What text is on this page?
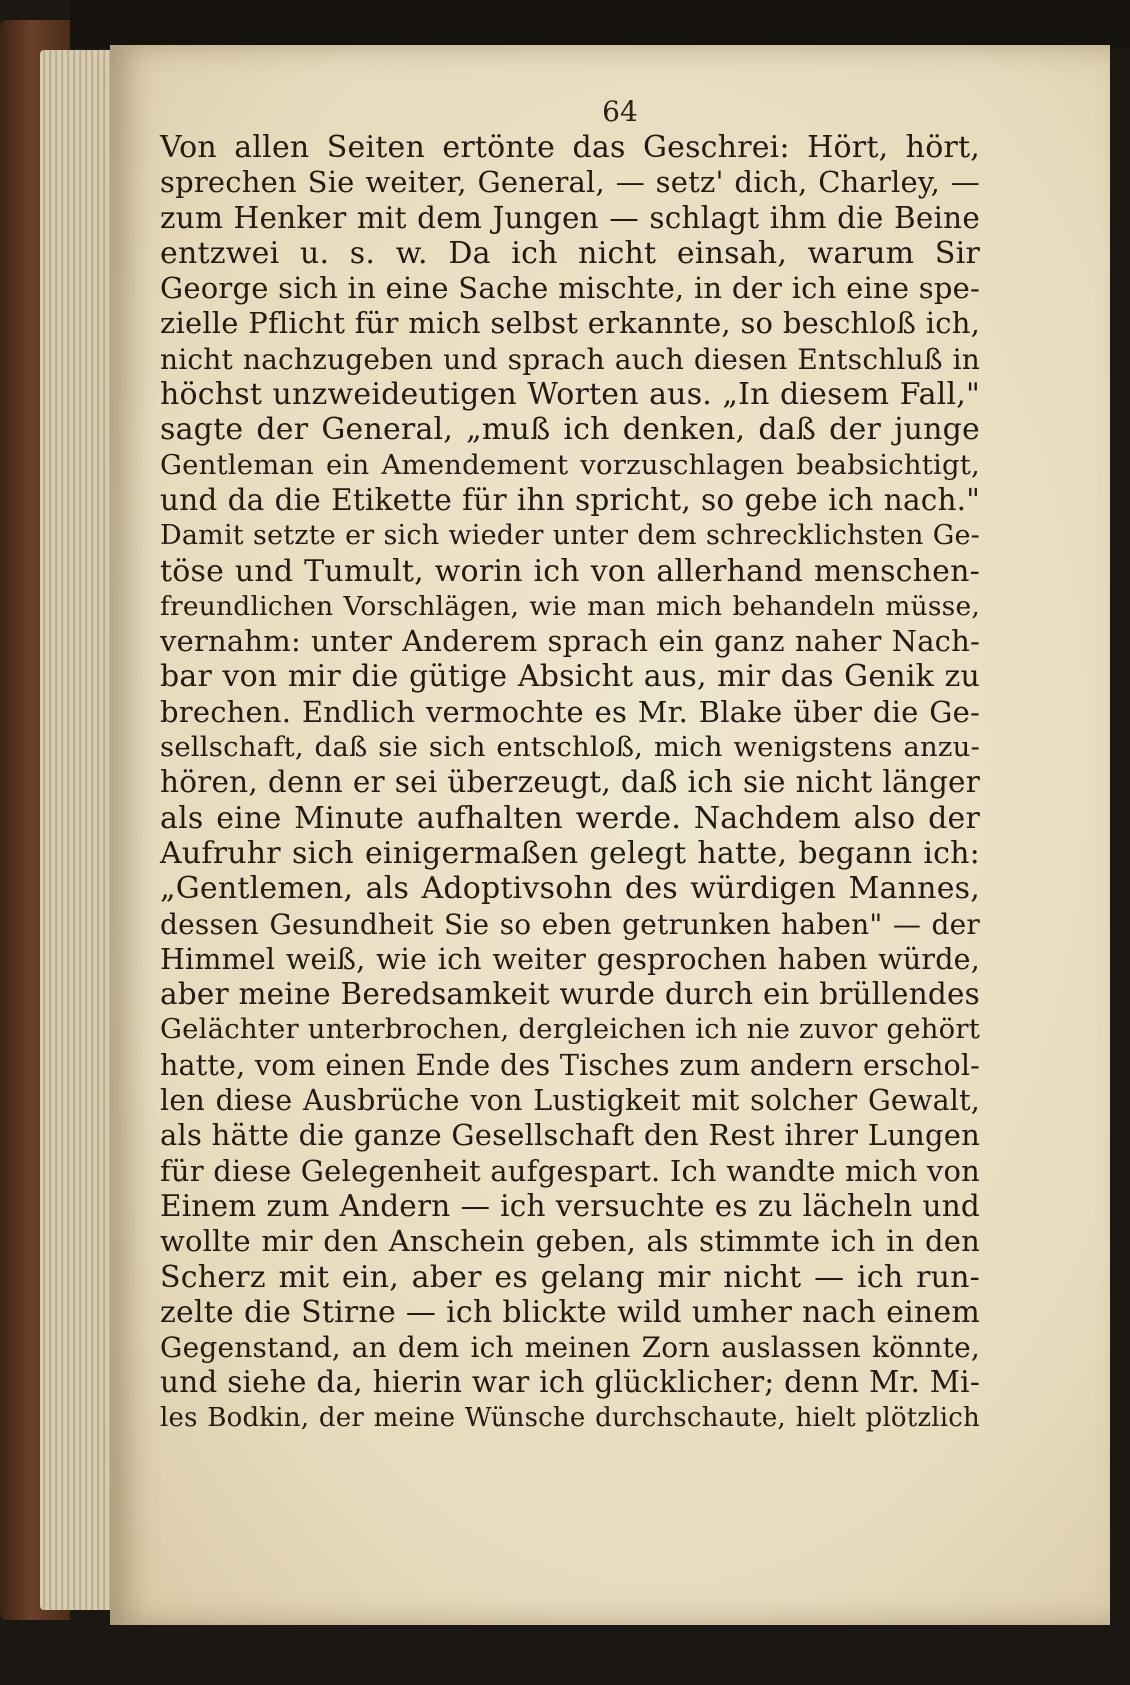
64
Von allen Seiten ertönte das Geschrei: Hört, hört,
sprechen Sie weiter, General, — setz' dich, Charley, —
zum Henker mit dem Jungen — schlagt ihm die Beine
entzwei u. s. w. Da ich nicht einsah, warum Sir
George sich in eine Sache mischte, in der ich eine spe-
zielle Pflicht für mich selbst erkannte, so beschloß ich,
nicht nachzugeben und sprach auch diesen Entschluß in
höchst unzweideutigen Worten aus. „In diesem Fall,"
sagte der General, „muß ich denken, daß der junge
Gentleman ein Amendement vorzuschlagen beabsichtigt,
und da die Etikette für ihn spricht, so gebe ich nach."
Damit setzte er sich wieder unter dem schrecklichsten Ge-
töse und Tumult, worin ich von allerhand menschen-
freundlichen Vorschlägen, wie man mich behandeln müsse,
vernahm: unter Anderem sprach ein ganz naher Nach-
bar von mir die gütige Absicht aus, mir das Genik zu
brechen. Endlich vermochte es Mr. Blake über die Ge-
sellschaft, daß sie sich entschloß, mich wenigstens anzu-
hören, denn er sei überzeugt, daß ich sie nicht länger
als eine Minute aufhalten werde. Nachdem also der
Aufruhr sich einigermaßen gelegt hatte, begann ich:
„Gentlemen, als Adoptivsohn des würdigen Mannes,
dessen Gesundheit Sie so eben getrunken haben" — der
Himmel weiß, wie ich weiter gesprochen haben würde,
aber meine Beredsamkeit wurde durch ein brüllendes
Gelächter unterbrochen, dergleichen ich nie zuvor gehört
hatte, vom einen Ende des Tisches zum andern erschol-
len diese Ausbrüche von Lustigkeit mit solcher Gewalt,
als hätte die ganze Gesellschaft den Rest ihrer Lungen
für diese Gelegenheit aufgespart. Ich wandte mich von
Einem zum Andern — ich versuchte es zu lächeln und
wollte mir den Anschein geben, als stimmte ich in den
Scherz mit ein, aber es gelang mir nicht — ich run-
zelte die Stirne — ich blickte wild umher nach einem
Gegenstand, an dem ich meinen Zorn auslassen könnte,
und siehe da, hierin war ich glücklicher; denn Mr. Mi-
les Bodkin, der meine Wünsche durchschaute, hielt plötzlich
